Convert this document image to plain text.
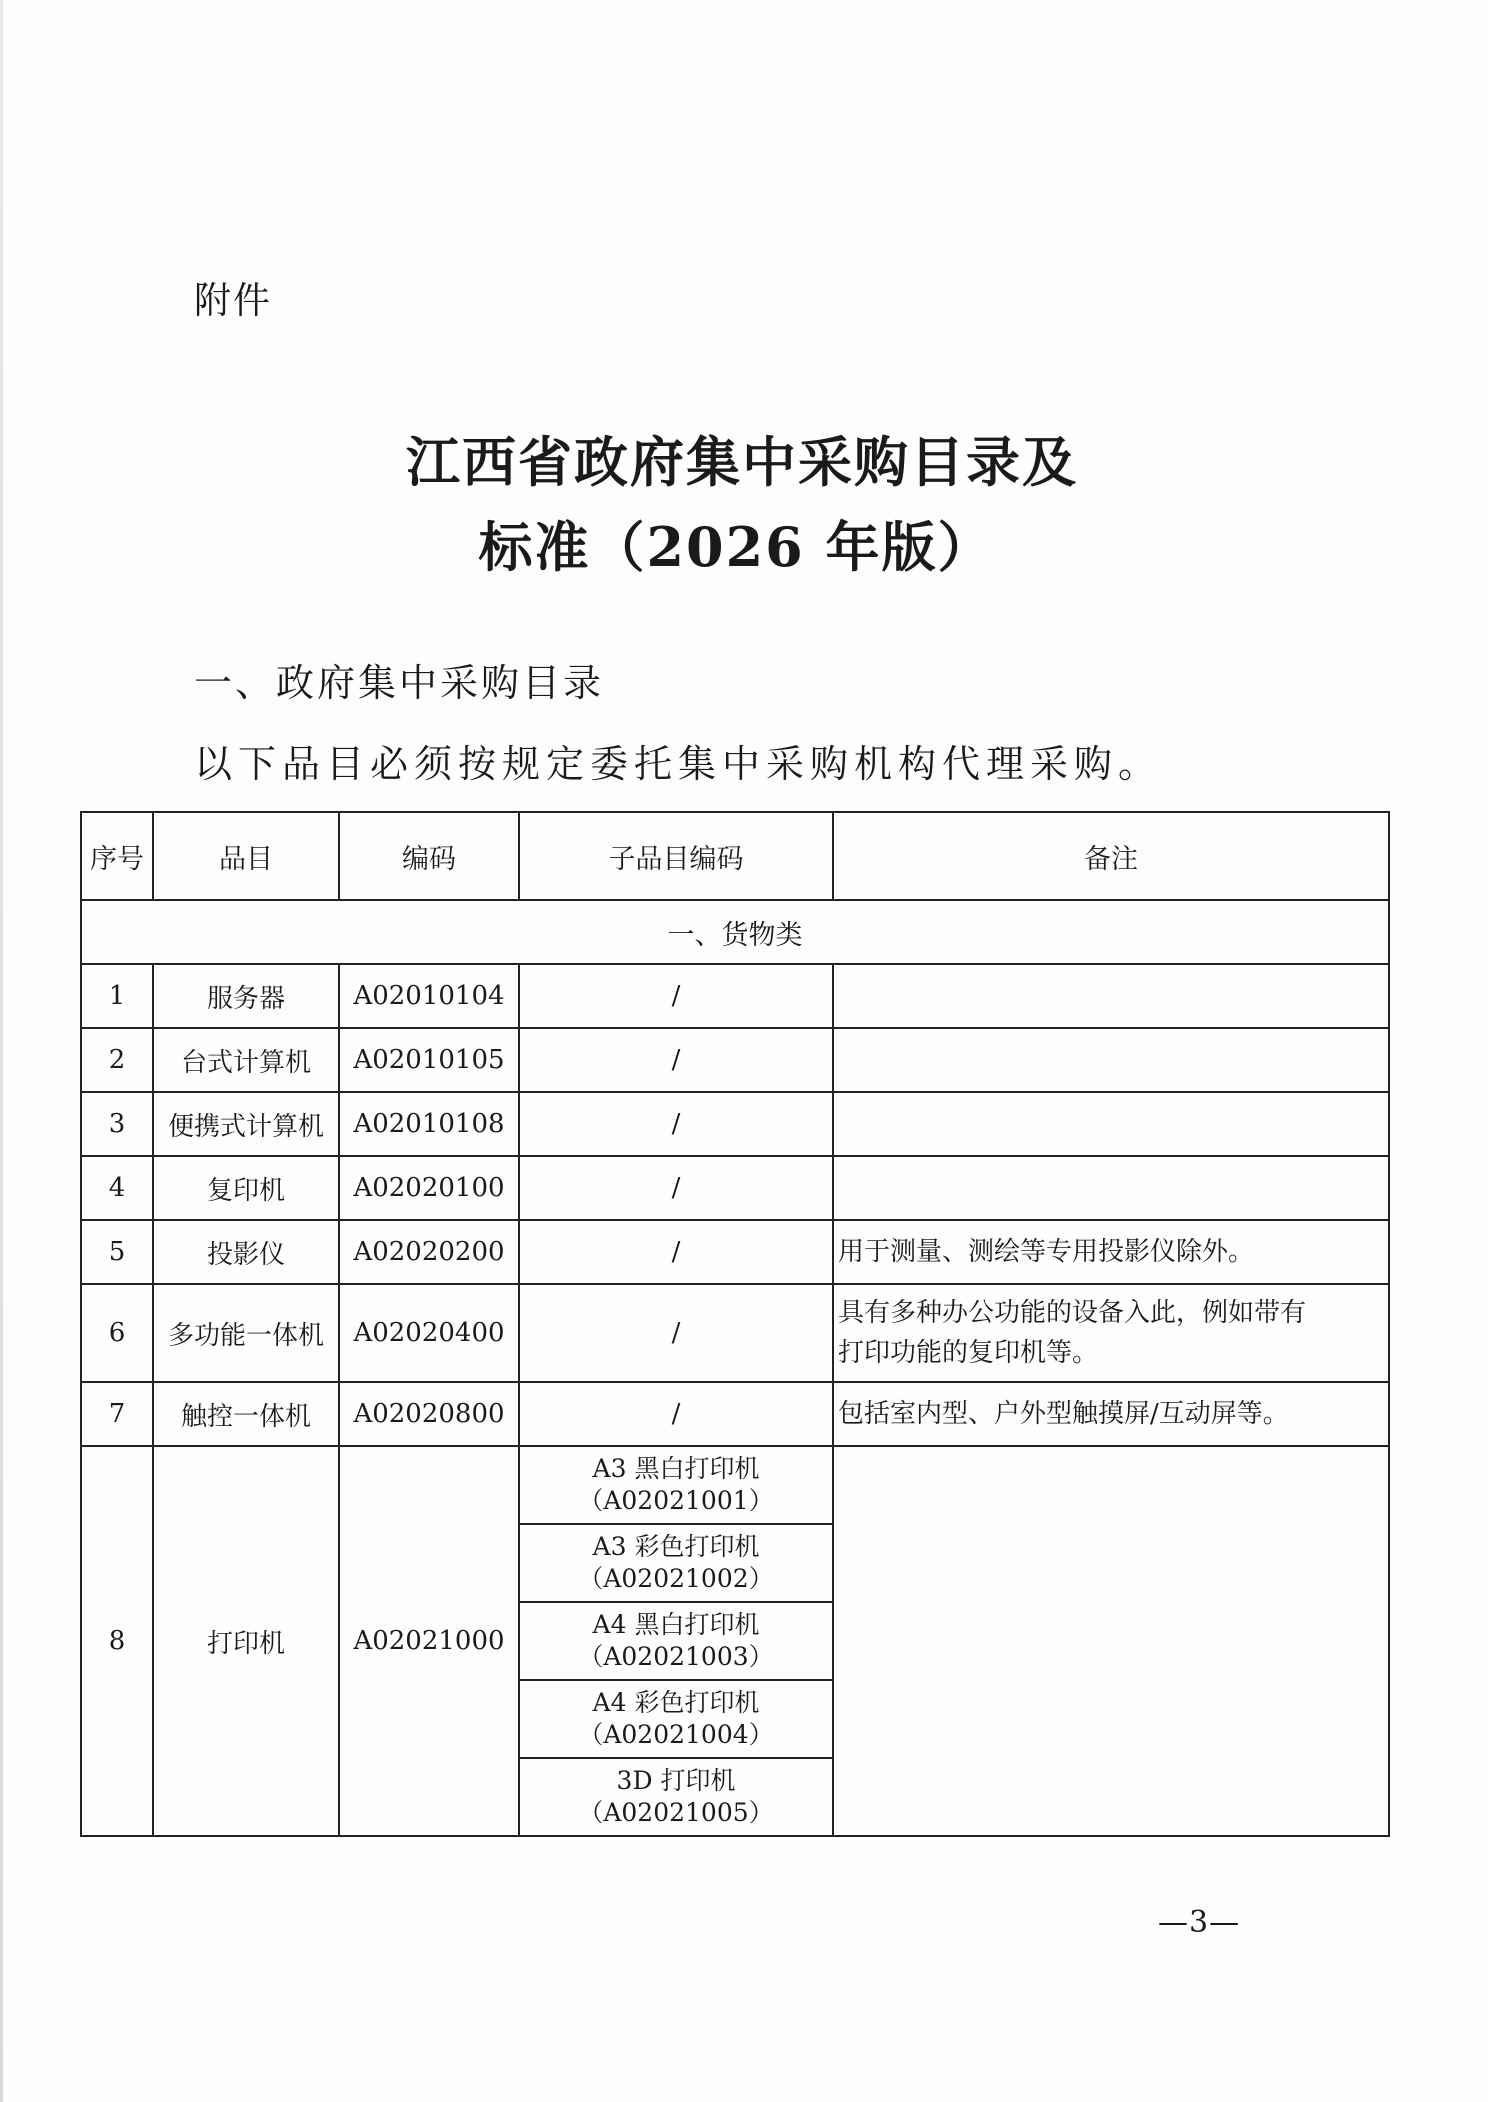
附件
江西省政府集中采购目录及
标准（2026 年版）
一、政府集中采购目录
以下品目必须按规定委托集中采购机构代理采购。
序号	品目	编码	子品目编码	备注
一、货物类				
1	服务器	A02010104	/	
2	台式计算机	A02010105	/	
3	便携式计算机	A02010108	/	
4	复印机	A02020100	/	
5	投影仪	A02020200	/	用于测量、测绘等专用投影仪除外。
6	多功能一体机	A02020400	/	具有多种办公功能的设备入此，例如带有
打印功能的复印机等。

7	触控一体机	A02020800	/	包括室内型、户外型触摸屏/互动屏等。
8	打印机	A02021000	A3 黑白打印机
（A02021001）	

			A3 彩色打印机
（A02021002）	

			A4 黑白打印机
（A02021003）	

			A4 彩色打印机
（A02021004）	

			3D 打印机
（A02021005）	
—3—
